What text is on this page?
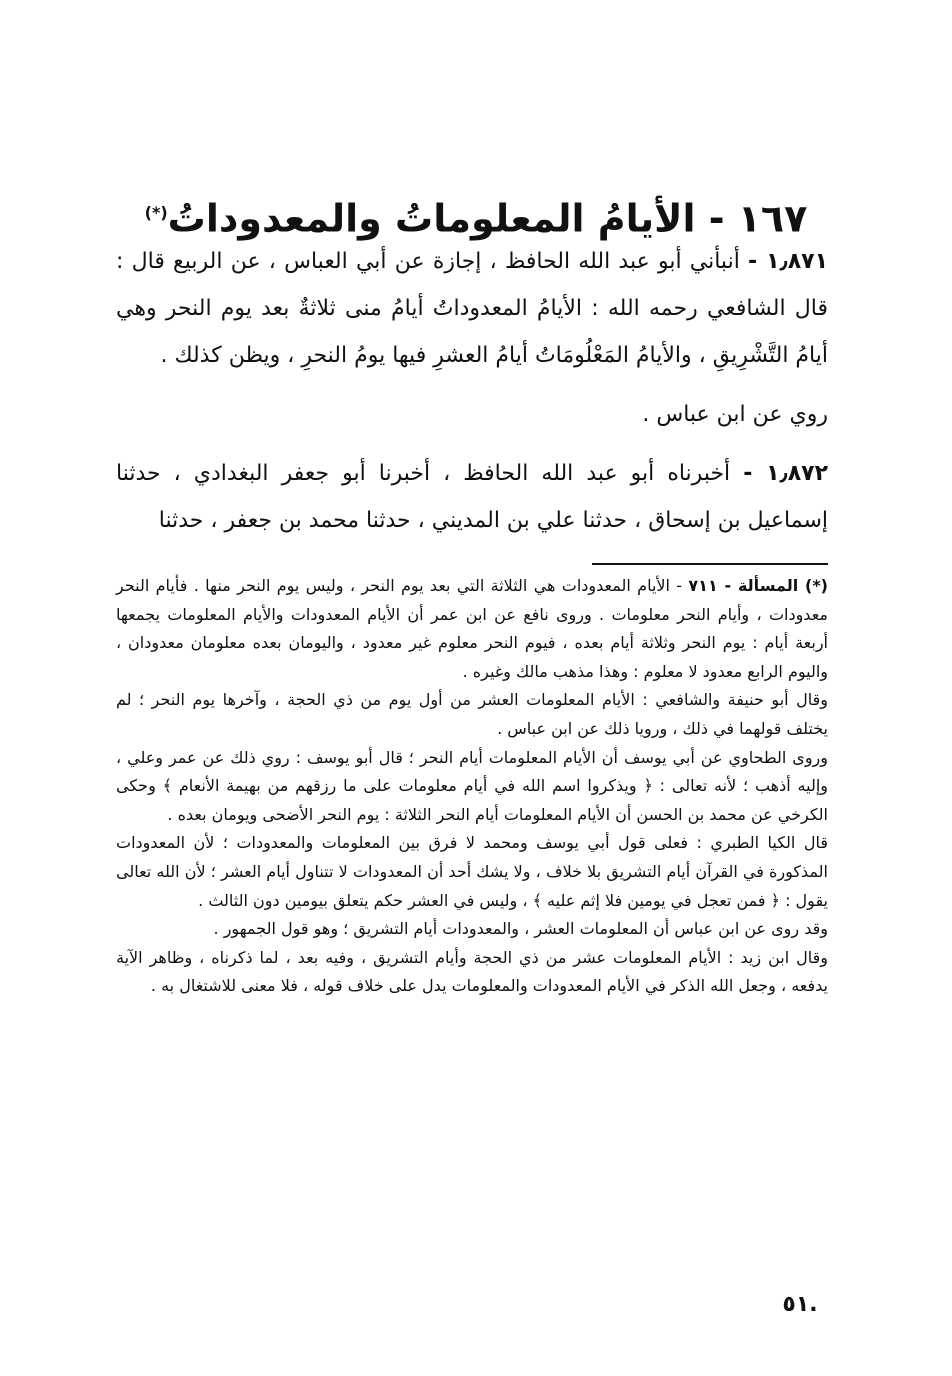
١٦٧ - الأيامُ المعلوماتُ والمعدوداتُ(*)

١٫٨٧١ - أنبأني أبو عبد الله الحافظ ، إجازة عن أبي العباس ، عن الربيع قال : قال الشافعي رحمه الله : الأيامُ المعدوداتُ أيامُ منى ثلاثةٌ بعد يوم النحر وهي أيامُ التَّشْرِيقِ ، والأيامُ المَعْلُومَاتُ أيامُ العشرِ فيها يومُ النحرِ ، ويظن كذلك .

روي عن ابن عباس .

١٫٨٧٢ - أخبرناه أبو عبد الله الحافظ ، أخبرنا أبو جعفر البغدادي ، حدثنا إسماعيل بن إسحاق ، حدثنا علي بن المديني ، حدثنا محمد بن جعفر ، حدثنا

(*) المسألة - ٧١١ - الأيام المعدودات هي الثلاثة التي بعد يوم النحر ، وليس يوم النحر منها . فأيام النحر معدودات ، وأيام النحر معلومات . وروى نافع عن ابن عمر أن الأيام المعدودات والأيام المعلومات يجمعها أربعة أيام : يوم النحر وثلاثة أيام بعده ، فيوم النحر معلوم غير معدود ، واليومان بعده معلومان معدودان ، واليوم الرابع معدود لا معلوم : وهذا مذهب مالك وغيره .

وقال أبو حنيفة والشافعي : الأيام المعلومات العشر من أول يوم من ذي الحجة ، وآخرها يوم النحر ؛ لم يختلف قولهما في ذلك ، ورويا ذلك عن ابن عباس .

وروى الطحاوي عن أبي يوسف أن الأيام المعلومات أيام النحر ؛ قال أبو يوسف : روي ذلك عن عمر وعلي ، وإليه أذهب ؛ لأنه تعالى : ﴿ ويذكروا اسم الله في أيام معلومات على ما رزقهم من بهيمة الأنعام ﴾ وحكى الكرخي عن محمد بن الحسن أن الأيام المعلومات أيام النحر الثلاثة : يوم النحر الأضحى ويومان بعده .

قال الكيا الطبري : فعلى قول أبي يوسف ومحمد لا فرق بين المعلومات والمعدودات ؛ لأن المعدودات المذكورة في القرآن أيام التشريق بلا خلاف ، ولا يشك أحد أن المعدودات لا تتناول أيام العشر ؛ لأن الله تعالى يقول : ﴿ فمن تعجل في يومين فلا إثم عليه ﴾ ، وليس في العشر حكم يتعلق بيومين دون الثالث .

وقد روى عن ابن عباس أن المعلومات العشر ، والمعدودات أيام التشريق ؛ وهو قول الجمهور .

وقال ابن زيد : الأيام المعلومات عشر من ذي الحجة وأيام التشريق ، وفيه بعد ، لما ذكرناه ، وظاهر الآية يدفعه ، وجعل الله الذكر في الأيام المعدودات والمعلومات يدل على خلاف قوله ، فلا معنى للاشتغال به .

٥١.
